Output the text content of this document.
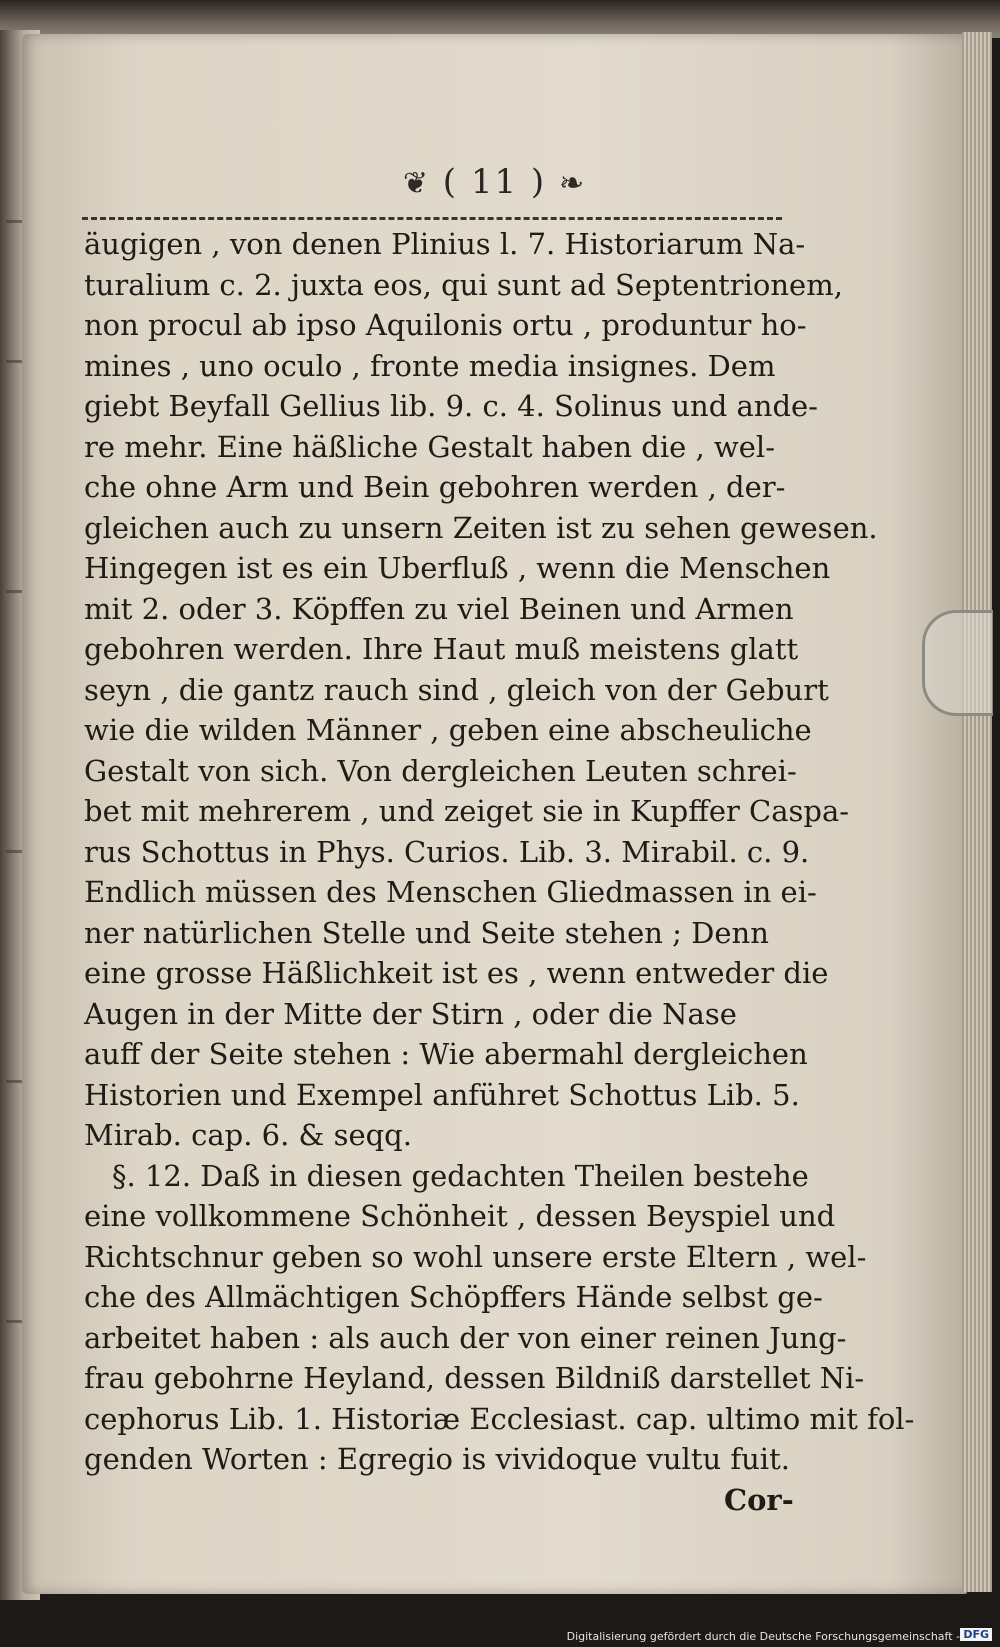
❦ ( 11 ) ❧
äugigen , von denen Plinius l. 7. Historiarum Na-
turalium c. 2. juxta eos, qui sunt ad Septentrionem,
non procul ab ipso Aquilonis ortu , produntur ho-
mines , uno oculo , fronte media insignes. Dem
giebt Beyfall Gellius lib. 9. c. 4. Solinus und ande-
re mehr. Eine häßliche Gestalt haben die , wel-
che ohne Arm und Bein gebohren werden , der-
gleichen auch zu unsern Zeiten ist zu sehen gewesen.
Hingegen ist es ein Uberfluß , wenn die Menschen
mit 2. oder 3. Köpffen zu viel Beinen und Armen
gebohren werden. Ihre Haut muß meistens glatt
seyn , die gantz rauch sind , gleich von der Geburt
wie die wilden Männer , geben eine abscheuliche
Gestalt von sich. Von dergleichen Leuten schrei-
bet mit mehrerem , und zeiget sie in Kupffer Caspa-
rus Schottus in Phys. Curios. Lib. 3. Mirabil. c. 9.
Endlich müssen des Menschen Gliedmassen in ei-
ner natürlichen Stelle und Seite stehen ; Denn
eine grosse Häßlichkeit ist es , wenn entweder die
Augen in der Mitte der Stirn , oder die Nase
auff der Seite stehen : Wie abermahl dergleichen
Historien und Exempel anführet Schottus Lib. 5.
Mirab. cap. 6. & seqq.
§. 12. Daß in diesen gedachten Theilen bestehe
eine vollkommene Schönheit , dessen Beyspiel und
Richtschnur geben so wohl unsere erste Eltern , wel-
che des Allmächtigen Schöpffers Hände selbst ge-
arbeitet haben : als auch der von einer reinen Jung-
frau gebohrne Heyland, dessen Bildniß darstellet Ni-
cephorus Lib. 1. Historiæ Ecclesiast. cap. ultimo mit fol-
genden Worten : Egregio is vividoque vultu fuit.
Cor-
Digitalisierung gefördert durch die Deutsche Forschungsgemeinschaft - DFG
